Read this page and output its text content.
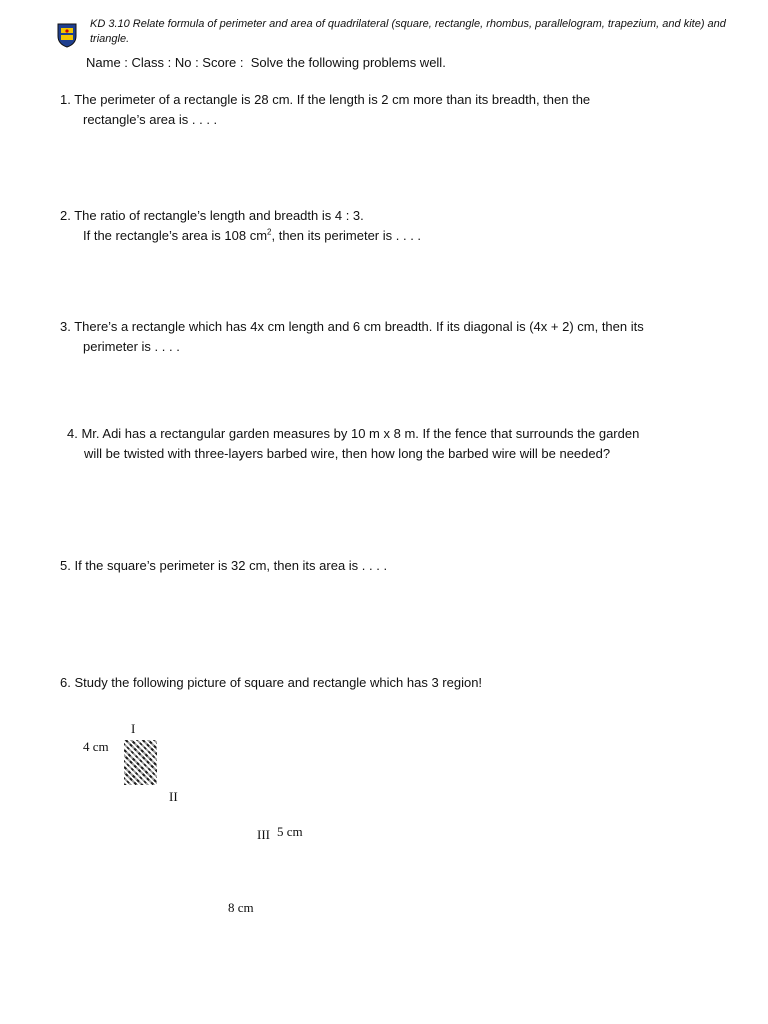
KD 3.10 Relate formula of perimeter and area of quadrilateral (square, rectangle, rhombus, parallelogram, trapezium, and kite) and triangle.
Name : Class : No : Score :  Solve the following problems well.
1. The perimeter of a rectangle is 28 cm. If the length is 2 cm more than its breadth, then the
rectangle’s area is . . . .
2. The ratio of rectangle’s length and breadth is 4 : 3.
If the rectangle’s area is 108 $cm^2$, then its perimeter is . . . .
3. There’s a rectangle which has 4x cm length and 6 cm breadth. If its diagonal is (4x + 2) cm, then its
perimeter is . . . .
4. Mr. Adi has a rectangular garden measures by 10 m x 8 m. If the fence that surrounds the garden
will be twisted with three-layers barbed wire, then how long the barbed wire will be needed?
5. If the square’s perimeter is 32 cm, then its area is . . . .
6. Study the following picture of square and rectangle which has 3 region!
I
4 cm
II
III 5 cm
8 cm
